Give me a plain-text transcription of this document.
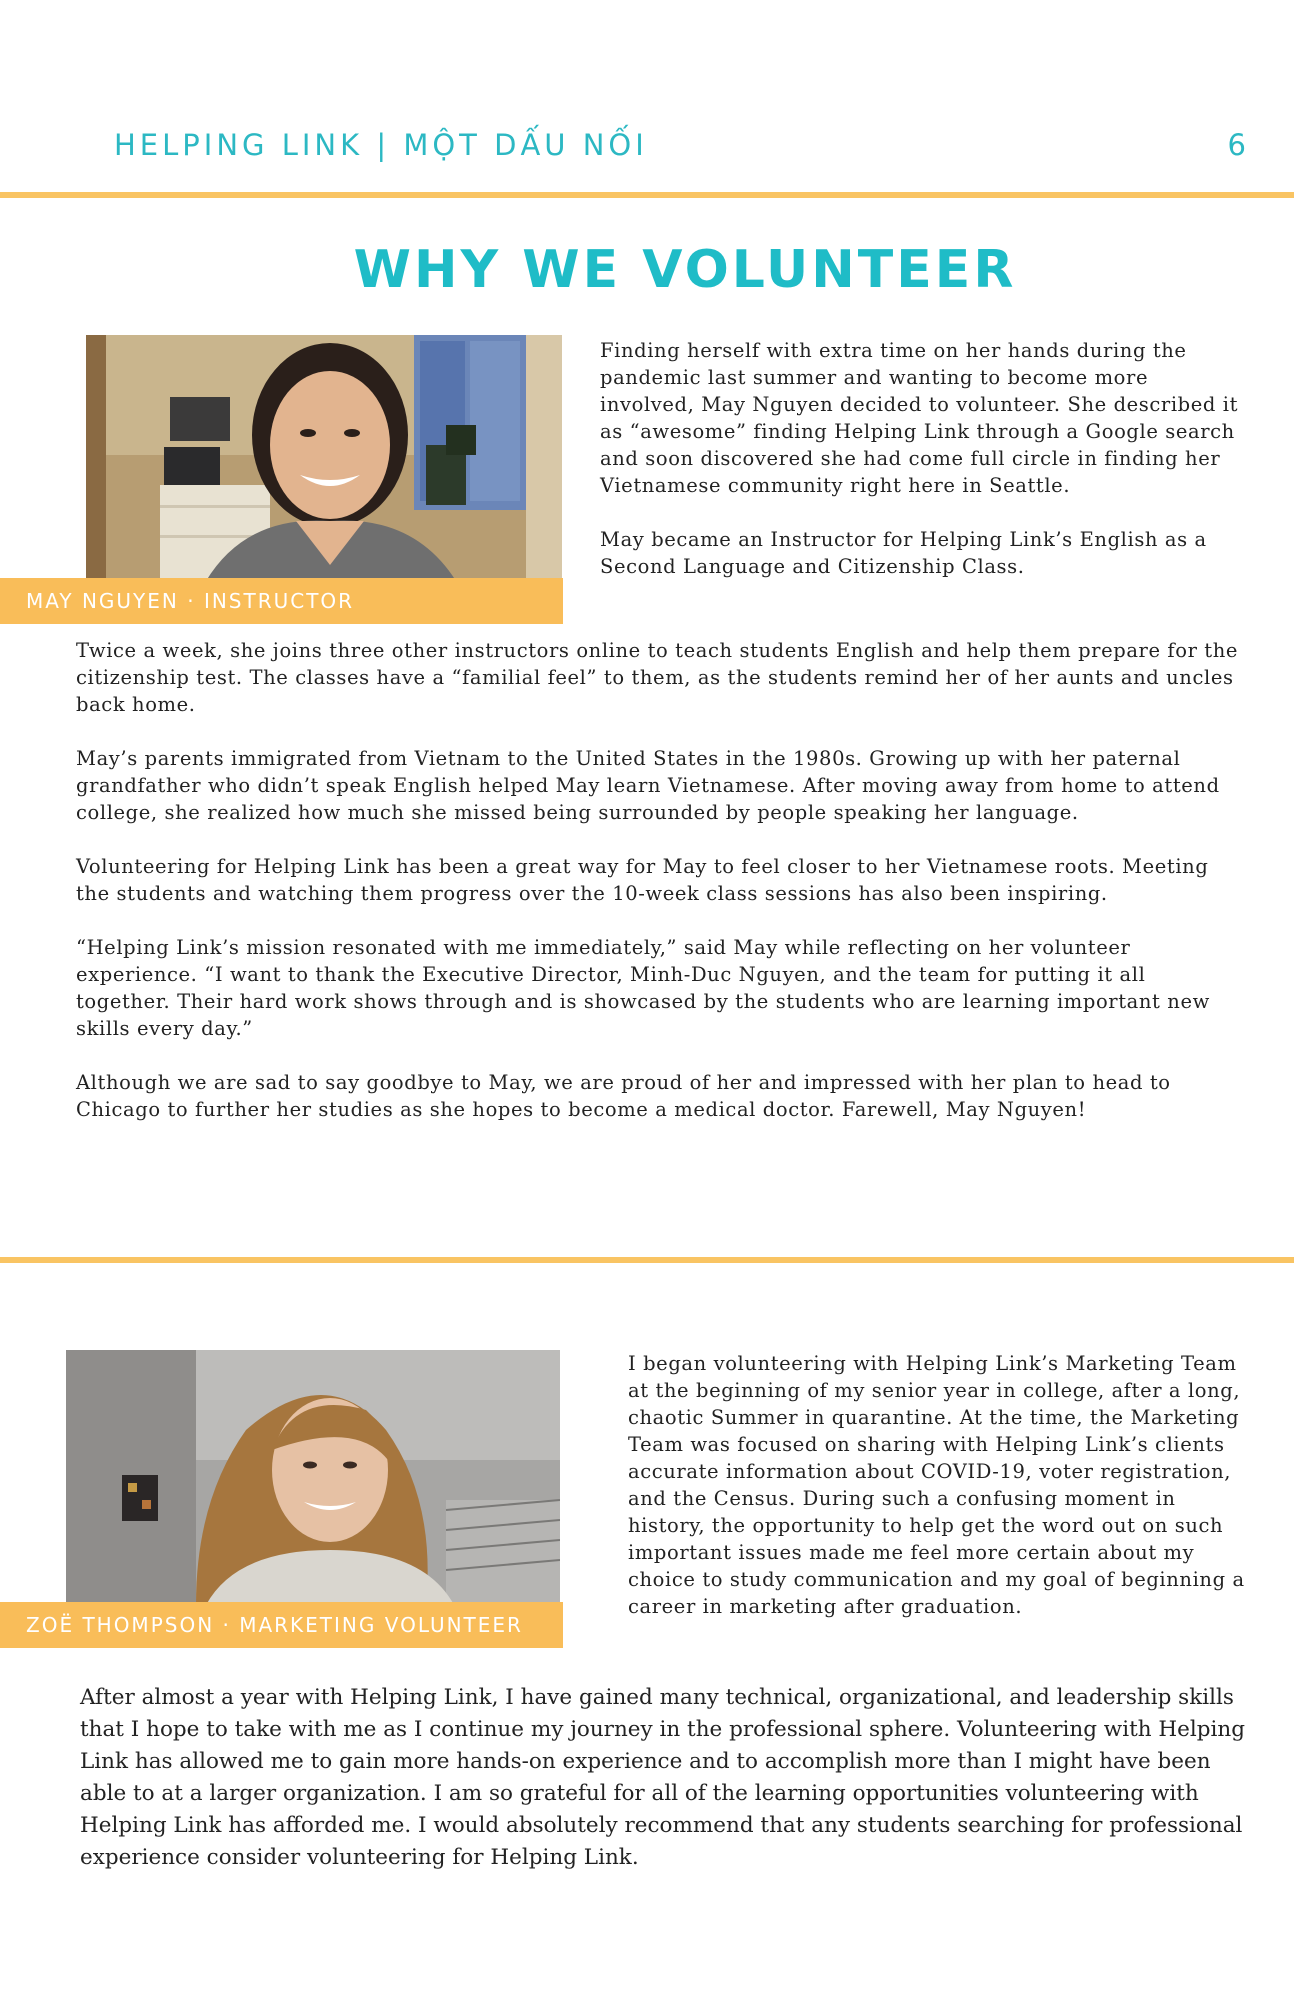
HELPING LINK | MỘT DẤU NỐI	6
WHY WE VOLUNTEER
MAY NGUYEN · INSTRUCTOR

Finding herself with extra time on her hands during the pandemic last summer and wanting to become more involved, May Nguyen decided to volunteer. She described it as “awesome” finding Helping Link through a Google search and soon discovered she had come full circle in finding her Vietnamese community right here in Seattle.

May became an Instructor for Helping Link’s English as a Second Language and Citizenship Class.

Twice a week, she joins three other instructors online to teach students English and help them prepare for the citizenship test. The classes have a “familial feel” to them, as the students remind her of her aunts and uncles back home.

May’s parents immigrated from Vietnam to the United States in the 1980s. Growing up with her paternal grandfather who didn’t speak English helped May learn Vietnamese. After moving away from home to attend college, she realized how much she missed being surrounded by people speaking her language.

Volunteering for Helping Link has been a great way for May to feel closer to her Vietnamese roots. Meeting the students and watching them progress over the 10-week class sessions has also been inspiring.

“Helping Link’s mission resonated with me immediately,” said May while reflecting on her volunteer experience. “I want to thank the Executive Director, Minh-Duc Nguyen, and the team for putting it all together. Their hard work shows through and is showcased by the students who are learning important new skills every day.”

Although we are sad to say goodbye to May, we are proud of her and impressed with her plan to head to Chicago to further her studies as she hopes to become a medical doctor. Farewell, May Nguyen!

ZOË THOMPSON · MARKETING VOLUNTEER

I began volunteering with Helping Link’s Marketing Team at the beginning of my senior year in college, after a long, chaotic Summer in quarantine. At the time, the Marketing Team was focused on sharing with Helping Link’s clients accurate information about COVID-19, voter registration, and the Census. During such a confusing moment in history, the opportunity to help get the word out on such important issues made me feel more certain about my choice to study communication and my goal of beginning a career in marketing after graduation.

After almost a year with Helping Link, I have gained many technical, organizational, and leadership skills that I hope to take with me as I continue my journey in the professional sphere. Volunteering with Helping Link has allowed me to gain more hands-on experience and to accomplish more than I might have been able to at a larger organization. I am so grateful for all of the learning opportunities volunteering with Helping Link has afforded me. I would absolutely recommend that any students searching for professional experience consider volunteering for Helping Link.
